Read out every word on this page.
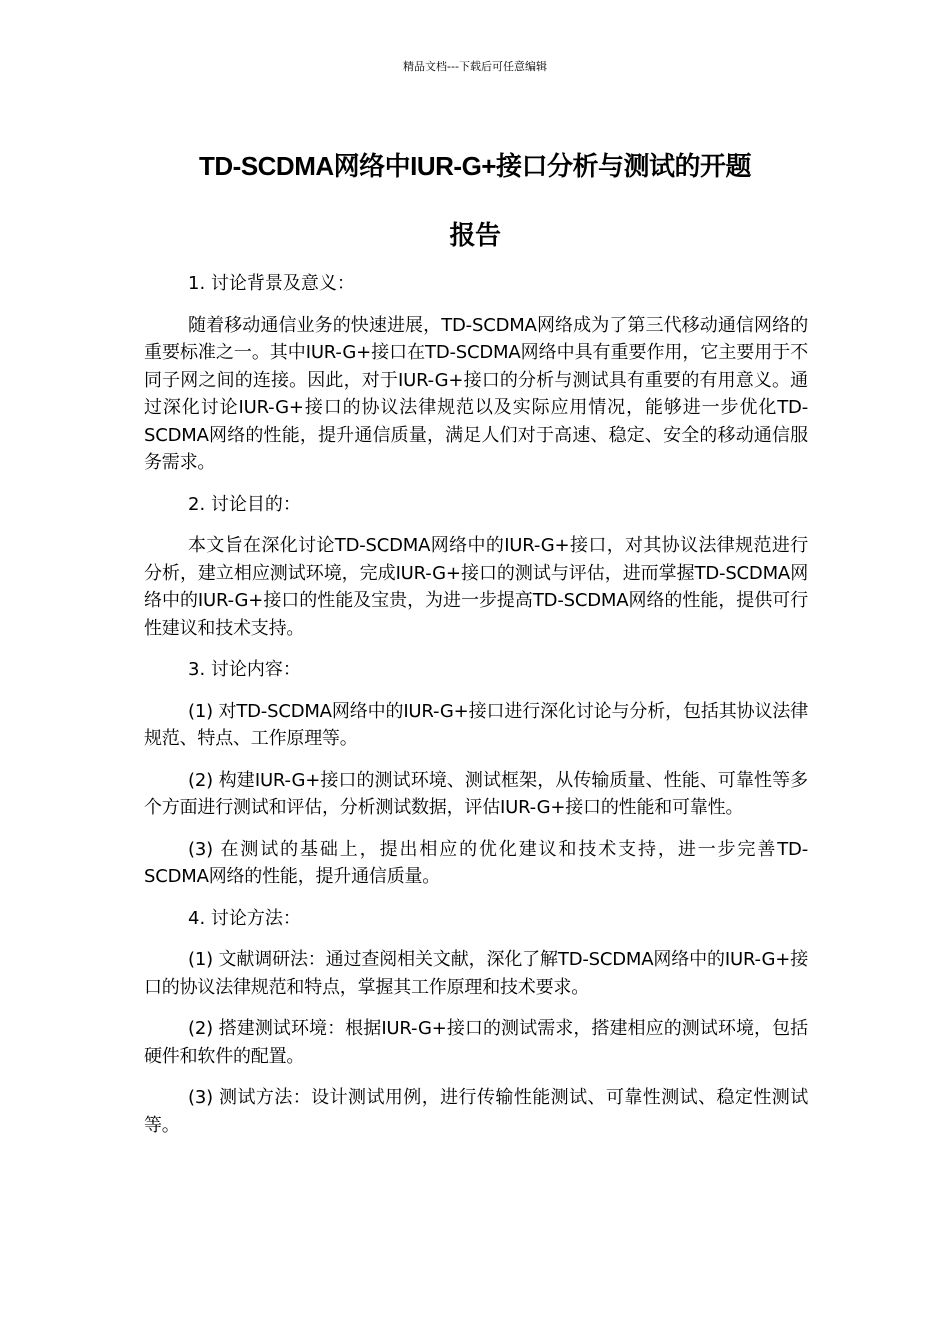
精品文档---下载后可任意编辑
TD-SCDMA网络中IUR-G+接口分析与测试的开题
报告

1. 讨论背景及意义：

随着移动通信业务的快速进展，TD-SCDMA网络成为了第三代移动通信网络的重要标准之一。其中IUR-G+接口在TD-SCDMA网络中具有重要作用，它主要用于不同子网之间的连接。因此，对于IUR-G+接口的分析与测试具有重要的有用意义。通过深化讨论IUR-G+接口的协议法律规范以及实际应用情况，能够进一步优化TD-SCDMA网络的性能，提升通信质量，满足人们对于高速、稳定、安全的移动通信服务需求。

2. 讨论目的：

本文旨在深化讨论TD-SCDMA网络中的IUR-G+接口，对其协议法律规范进行分析，建立相应测试环境，完成IUR-G+接口的测试与评估，进而掌握TD-SCDMA网络中的IUR-G+接口的性能及宝贵，为进一步提高TD-SCDMA网络的性能，提供可行性建议和技术支持。

3. 讨论内容：

(1) 对TD-SCDMA网络中的IUR-G+接口进行深化讨论与分析，包括其协议法律规范、特点、工作原理等。

(2) 构建IUR-G+接口的测试环境、测试框架，从传输质量、性能、可靠性等多个方面进行测试和评估，分析测试数据，评估IUR-G+接口的性能和可靠性。

(3) 在测试的基础上，提出相应的优化建议和技术支持，进一步完善TD-SCDMA网络的性能，提升通信质量。

4. 讨论方法：

(1) 文献调研法：通过查阅相关文献，深化了解TD-SCDMA网络中的IUR-G+接口的协议法律规范和特点，掌握其工作原理和技术要求。

(2) 搭建测试环境：根据IUR-G+接口的测试需求，搭建相应的测试环境，包括硬件和软件的配置。

(3) 测试方法：设计测试用例，进行传输性能测试、可靠性测试、稳定性测试等。
